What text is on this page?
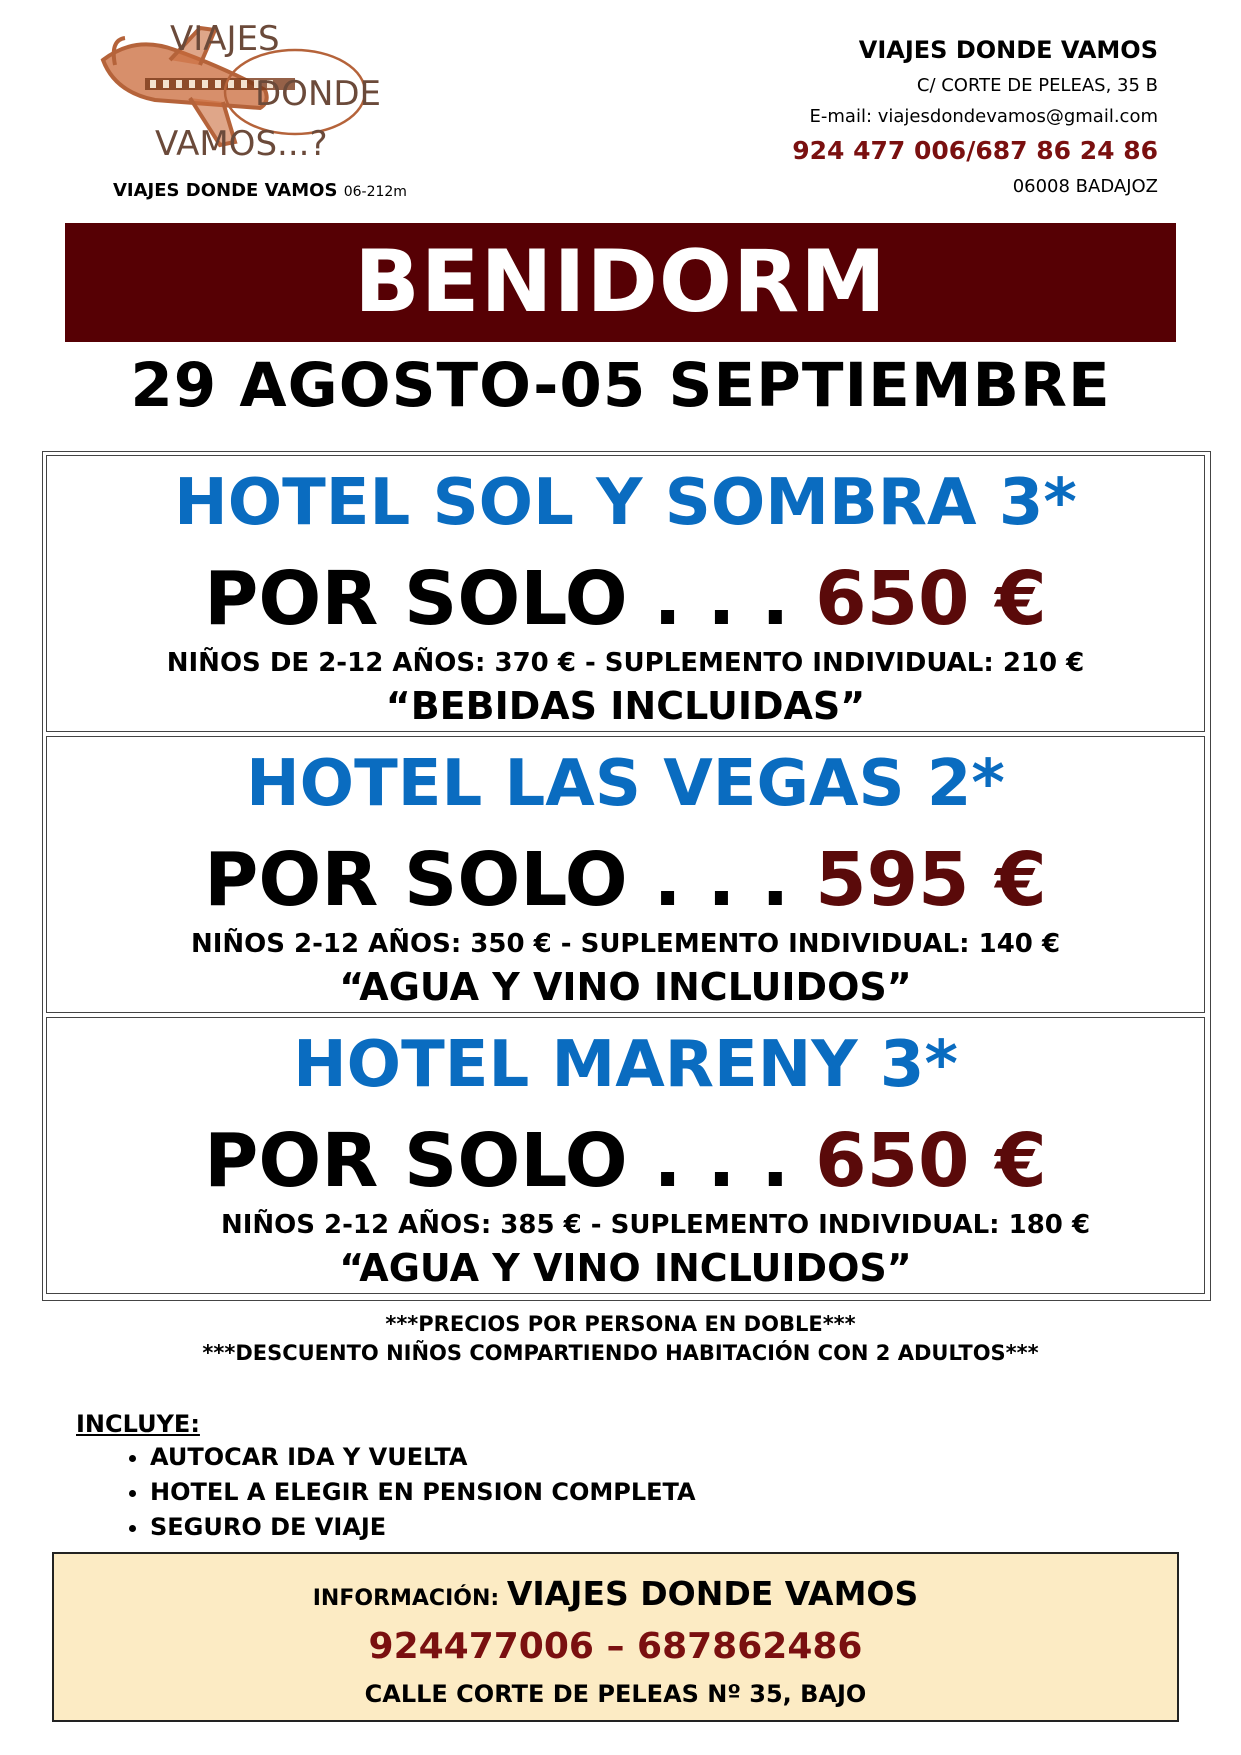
VIAJES
DONDE
VAMOS...?
VIAJES DONDE VAMOS 06-212m
VIAJES DONDE VAMOS
C/ CORTE DE PELEAS, 35 B
E-mail: viajesdondevamos@gmail.com
924 477 006/687 86 24 86
06008 BADAJOZ
BENIDORM
29 AGOSTO-05 SEPTIEMBRE
HOTEL SOL Y SOMBRA 3*
POR SOLO . . . 650 €
NIÑOS DE 2-12 AÑOS: 370 € - SUPLEMENTO INDIVIDUAL: 210 €
“BEBIDAS INCLUIDAS”
HOTEL LAS VEGAS 2*
POR SOLO . . . 595 €
NIÑOS 2-12 AÑOS: 350 € - SUPLEMENTO INDIVIDUAL: 140 €
“AGUA Y VINO INCLUIDOS”
HOTEL MARENY 3*
POR SOLO . . . 650 €
NIÑOS 2-12 AÑOS: 385 € - SUPLEMENTO INDIVIDUAL: 180 €
“AGUA Y VINO INCLUIDOS”
***PRECIOS POR PERSONA EN DOBLE***
***DESCUENTO NIÑOS COMPARTIENDO HABITACIÓN CON 2 ADULTOS***
INCLUYE:
• AUTOCAR IDA Y VUELTA
• HOTEL A ELEGIR EN PENSION COMPLETA
• SEGURO DE VIAJE
INFORMACIÓN: VIAJES DONDE VAMOS
924477006 – 687862486
CALLE CORTE DE PELEAS Nº 35, BAJO
